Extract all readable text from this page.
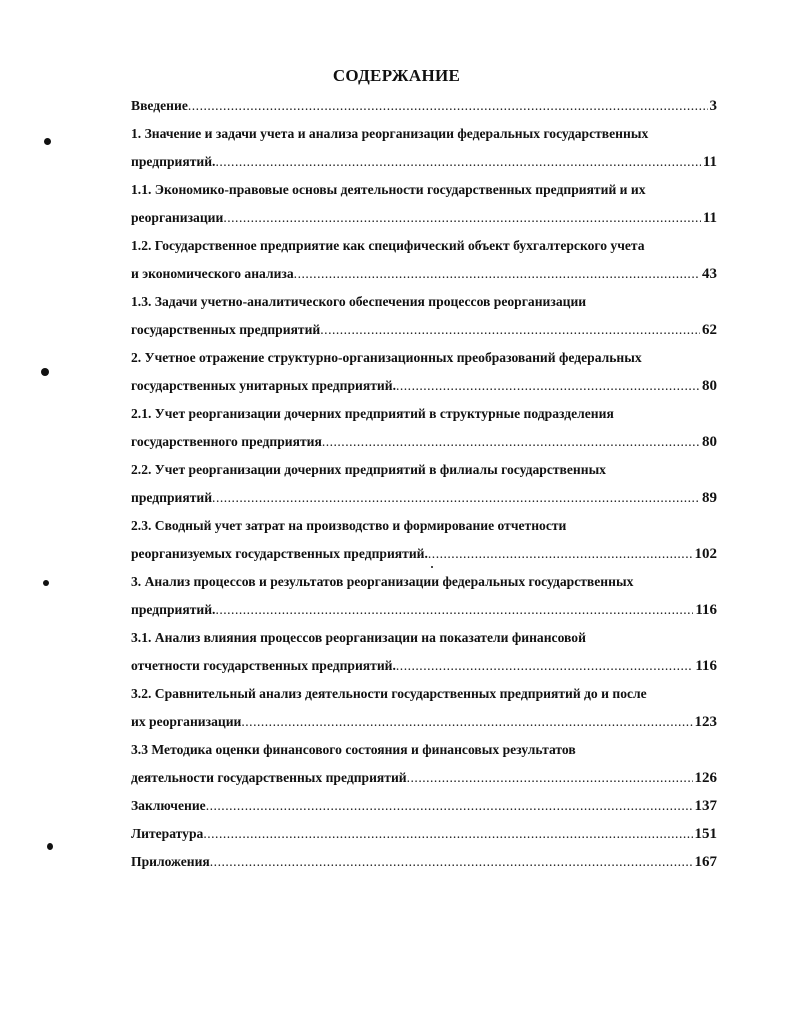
СОДЕРЖАНИЕ
Введение .....	3
1. Значение и задачи учета и анализа реорганизации федеральных государственных
предприятий. .....	11
1.1. Экономико-правовые основы деятельности государственных предприятий и их
реорганизации .....	11
1.2. Государственное предприятие как специфический объект бухгалтерского учета
и экономического анализа .....	43
1.3. Задачи учетно-аналитического обеспечения процессов реорганизации
государственных предприятий .....	62
2. Учетное отражение структурно-организационных преобразований федеральных
государственных унитарных предприятий. .....	80
2.1. Учет реорганизации дочерних предприятий в структурные подразделения
государственного предприятия .....	80
2.2. Учет реорганизации дочерних предприятий в филиалы государственных
предприятий .....	89
2.3. Сводный учет затрат на производство и формирование отчетности
реорганизуемых государственных предприятий. .....	102
3. Анализ процессов и результатов реорганизации федеральных государственных
предприятий. .....	116
3.1. Анализ влияния процессов реорганизации на показатели финансовой
отчетности государственных предприятий. .....	116
3.2. Сравнительный анализ деятельности государственных предприятий до и после
их реорганизации .....	123
3.3 Методика оценки финансового состояния и финансовых результатов
деятельности государственных предприятий .....	126
Заключение .....	137
Литература .....	151
Приложения .....	167
